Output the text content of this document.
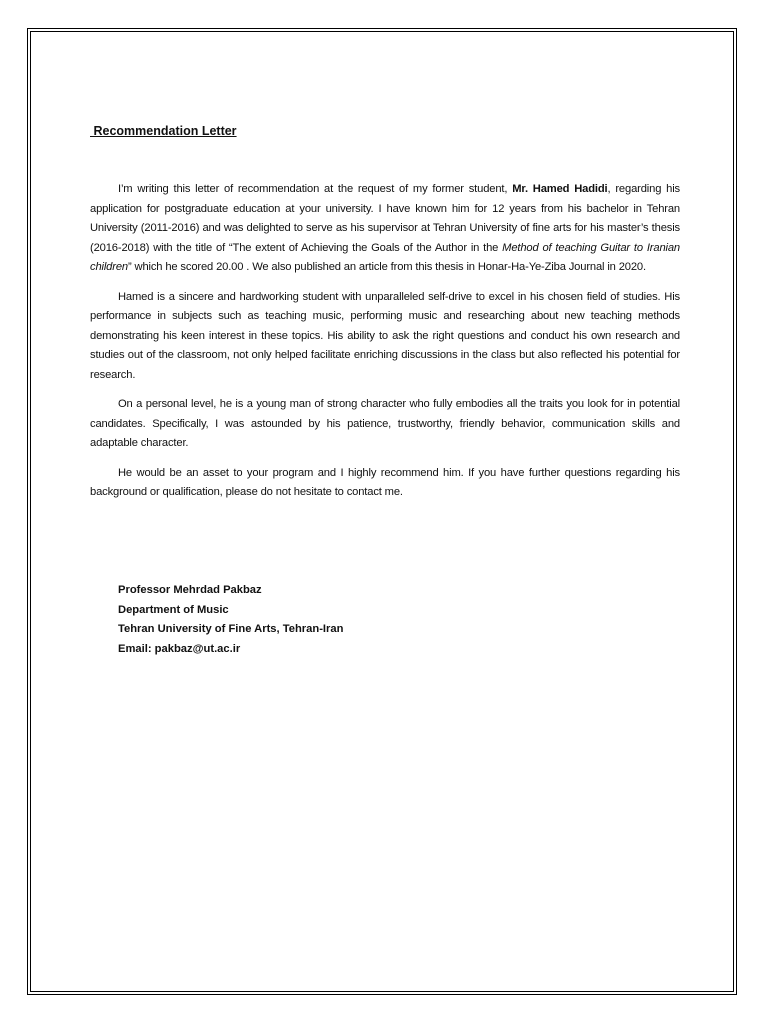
Recommendation Letter

I’m writing this letter of recommendation at the request of my former student, Mr. Hamed Hadidi, regarding his application for postgraduate education at your university. I have known him for 12 years from his bachelor in Tehran University (2011-2016) and was delighted to serve as his supervisor at Tehran University of fine arts for his master’s thesis (2016-2018) with the title of “The extent of Achieving the Goals of the Author in the Method of teaching Guitar to Iranian children” which he scored 20.00 . We also published an article from this thesis in Honar-Ha-Ye-Ziba Journal in 2020.

Hamed is a sincere and hardworking student with unparalleled self-drive to excel in his chosen field of studies. His performance in subjects such as teaching music, performing music and researching about new teaching methods demonstrating his keen interest in these topics. His ability to ask the right questions and conduct his own research and studies out of the classroom, not only helped facilitate enriching discussions in the class but also reflected his potential for research.

On a personal level, he is a young man of strong character who fully embodies all the traits you look for in potential candidates. Specifically, I was astounded by his patience, trustworthy, friendly behavior, communication skills and adaptable character.

He would be an asset to your program and I highly recommend him. If you have further questions regarding his background or qualification, please do not hesitate to contact me.

Professor Mehrdad Pakbaz
Department of Music
Tehran University of Fine Arts, Tehran-Iran
Email: pakbaz@ut.ac.ir
